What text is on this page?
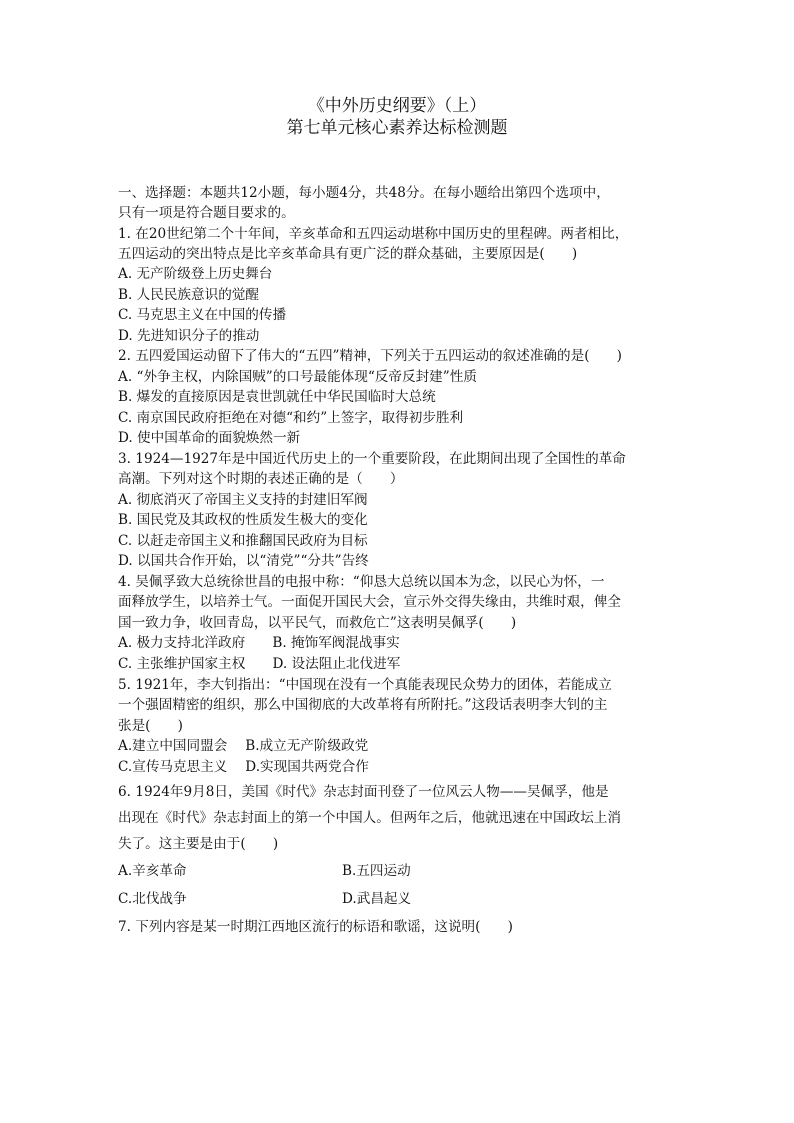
《中外历史纲要》（上）
第七单元核心素养达标检测题
一、选择题：本题共12小题，每小题4分，共48分。在每小题给出第四个选项中，
只有一项是符合题目要求的。
1. 在20世纪第二个十年间，辛亥革命和五四运动堪称中国历史的里程碑。两者相比，
五四运动的突出特点是比辛亥革命具有更广泛的群众基础，主要原因是(　　)
A. 无产阶级登上历史舞台
B. 人民民族意识的觉醒
C. 马克思主义在中国的传播
D. 先进知识分子的推动
2. 五四爱国运动留下了伟大的“五四”精神，下列关于五四运动的叙述准确的是(　　)
A. “外争主权，内除国贼”的口号最能体现“反帝反封建”性质
B. 爆发的直接原因是袁世凯就任中华民国临时大总统
C. 南京国民政府拒绝在对德“和约”上签字，取得初步胜利
D. 使中国革命的面貌焕然一新
3. 1924—1927年是中国近代历史上的一个重要阶段，在此期间出现了全国性的革命
高潮。下列对这个时期的表述正确的是（　　）
A. 彻底消灭了帝国主义支持的封建旧军阀
B. 国民党及其政权的性质发生极大的变化
C. 以赶走帝国主义和推翻国民政府为目标
D. 以国共合作开始，以“清党”“分共”告终
4. 吴佩孚致大总统徐世昌的电报中称：“仰恳大总统以国本为念，以民心为怀，一
面释放学生，以培养士气。一面促开国民大会，宣示外交得失缘由，共维时艰，俾全
国一致力争，收回青岛，以平民气，而救危亡”这表明吴佩孚(　　)
A. 极力支持北洋政府　　B. 掩饰军阀混战事实
C. 主张维护国家主权　　D. 设法阻止北伐进军
5. 1921年，李大钊指出：“中国现在没有一个真能表现民众势力的团体，若能成立
一个强固精密的组织，那么中国彻底的大改革将有所附托。”这段话表明李大钊的主
张是(　　)
A.建立中国同盟会　 B.成立无产阶级政党
C.宣传马克思主义　 D.实现国共两党合作
6. 1924年9月8日，美国《时代》杂志封面刊登了一位风云人物——吴佩孚，他是
出现在《时代》杂志封面上的第一个中国人。但两年之后，他就迅速在中国政坛上消
失了。这主要是由于(　　)
A.辛亥革命	B.五四运动
C.北伐战争	D.武昌起义
7. 下列内容是某一时期江西地区流行的标语和歌谣，这说明(　　)
